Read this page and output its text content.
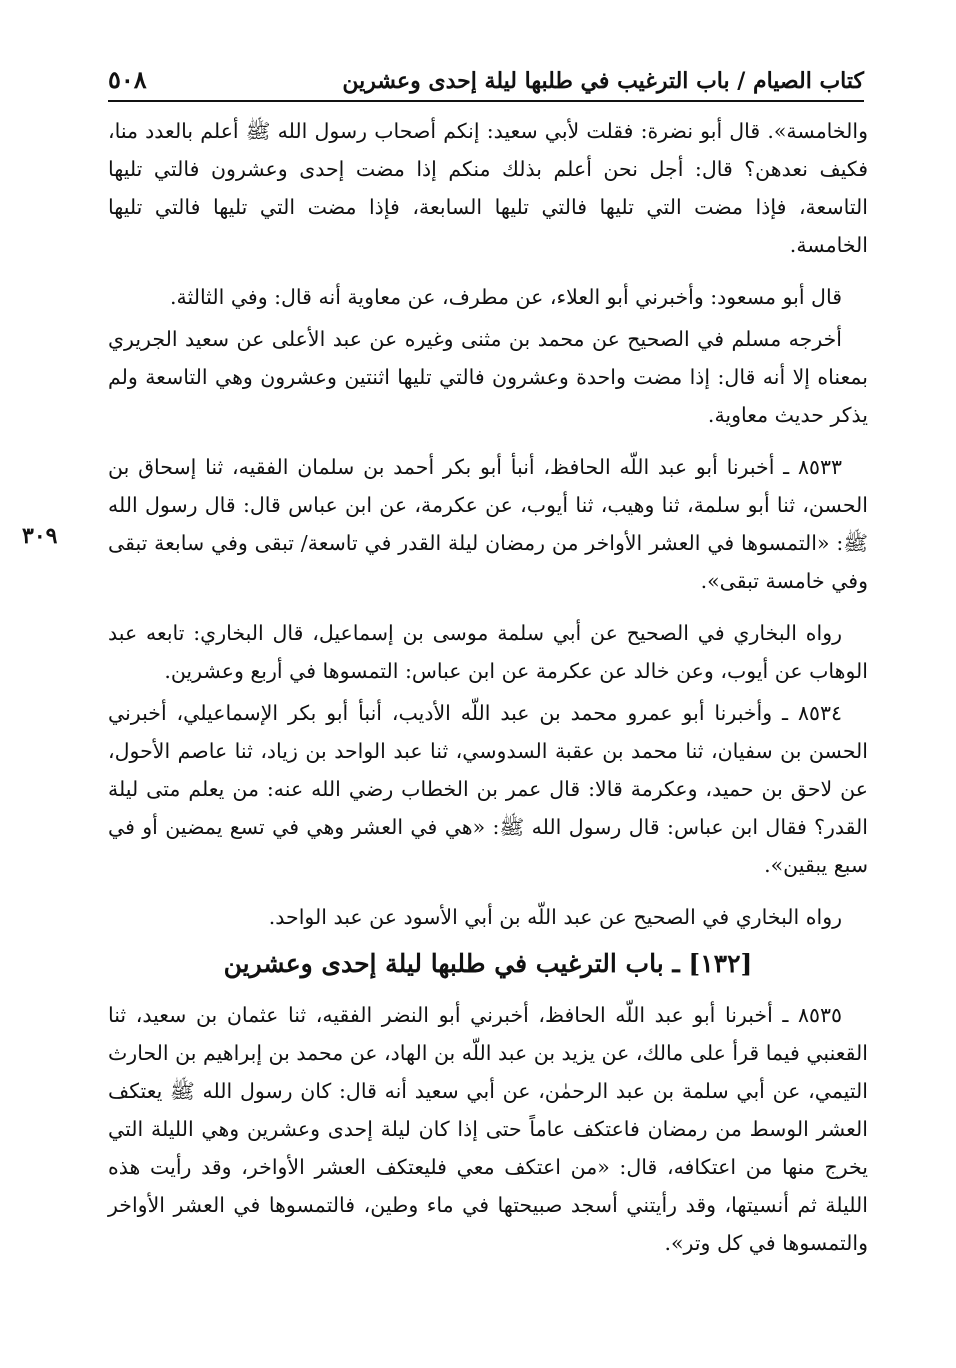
كتاب الصيام / باب الترغيب في طلبها ليلة إحدى وعشرين
٥٠٨
٣٠٩

والخامسة». قال أبو نضرة: فقلت لأبي سعيد: إنكم أصحاب رسول الله ﷺ أعلم بالعدد منا، فكيف نعدهن؟ قال: أجل نحن أعلم بذلك منكم إذا مضت إحدى وعشرون فالتي تليها التاسعة، فإذا مضت التي تليها فالتي تليها السابعة، فإذا مضت التي تليها فالتي تليها الخامسة.

قال أبو مسعود: وأخبرني أبو العلاء، عن مطرف، عن معاوية أنه قال: وفي الثالثة.

أخرجه مسلم في الصحيح عن محمد بن مثنى وغيره عن عبد الأعلى عن سعيد الجريري بمعناه إلا أنه قال: إذا مضت واحدة وعشرون فالتي تليها اثنتين وعشرون وهي التاسعة ولم يذكر حديث معاوية.

٨٥٣٣ ـ أخبرنا أبو عبد اللّه الحافظ، أنبأ أبو بكر أحمد بن سلمان الفقيه، ثنا إسحاق بن الحسن، ثنا أبو سلمة، ثنا وهيب، ثنا أيوب، عن عكرمة، عن ابن عباس قال: قال رسول الله ﷺ: «التمسوها في العشر الأواخر من رمضان ليلة القدر في تاسعة/ تبقى وفي سابعة تبقى وفي خامسة تبقى».

رواه البخاري في الصحيح عن أبي سلمة موسى بن إسماعيل، قال البخاري: تابعه عبد الوهاب عن أيوب، وعن خالد عن عكرمة عن ابن عباس: التمسوها في أربع وعشرين.

٨٥٣٤ ـ وأخبرنا أبو عمرو محمد بن عبد اللّه الأديب، أنبأ أبو بكر الإسماعيلي، أخبرني الحسن بن سفيان، ثنا محمد بن عقبة السدوسي، ثنا عبد الواحد بن زياد، ثنا عاصم الأحول، عن لاحق بن حميد، وعكرمة قالا: قال عمر بن الخطاب رضي الله عنه: من يعلم متى ليلة القدر؟ فقال ابن عباس: قال رسول الله ﷺ: «هي في العشر وهي في تسع يمضين أو في سبع يبقين».

رواه البخاري في الصحيح عن عبد اللّه بن أبي الأسود عن عبد الواحد.

[١٣٢] ـ باب الترغيب في طلبها ليلة إحدى وعشرين

٨٥٣٥ ـ أخبرنا أبو عبد اللّه الحافظ، أخبرني أبو النضر الفقيه، ثنا عثمان بن سعيد، ثنا القعنبي فيما قرأ على مالك، عن يزيد بن عبد اللّه بن الهاد، عن محمد بن إبراهيم بن الحارث التيمي، عن أبي سلمة بن عبد الرحمٰن، عن أبي سعيد أنه قال: كان رسول الله ﷺ يعتكف العشر الوسط من رمضان فاعتكف عاماً حتى إذا كان ليلة إحدى وعشرين وهي الليلة التي يخرج منها من اعتكافه، قال: «من اعتكف معي فليعتكف العشر الأواخر، وقد رأيت هذه الليلة ثم أنسيتها، وقد رأيتني أسجد صبيحتها في ماء وطين، فالتمسوها في العشر الأواخر والتمسوها في كل وتر».
